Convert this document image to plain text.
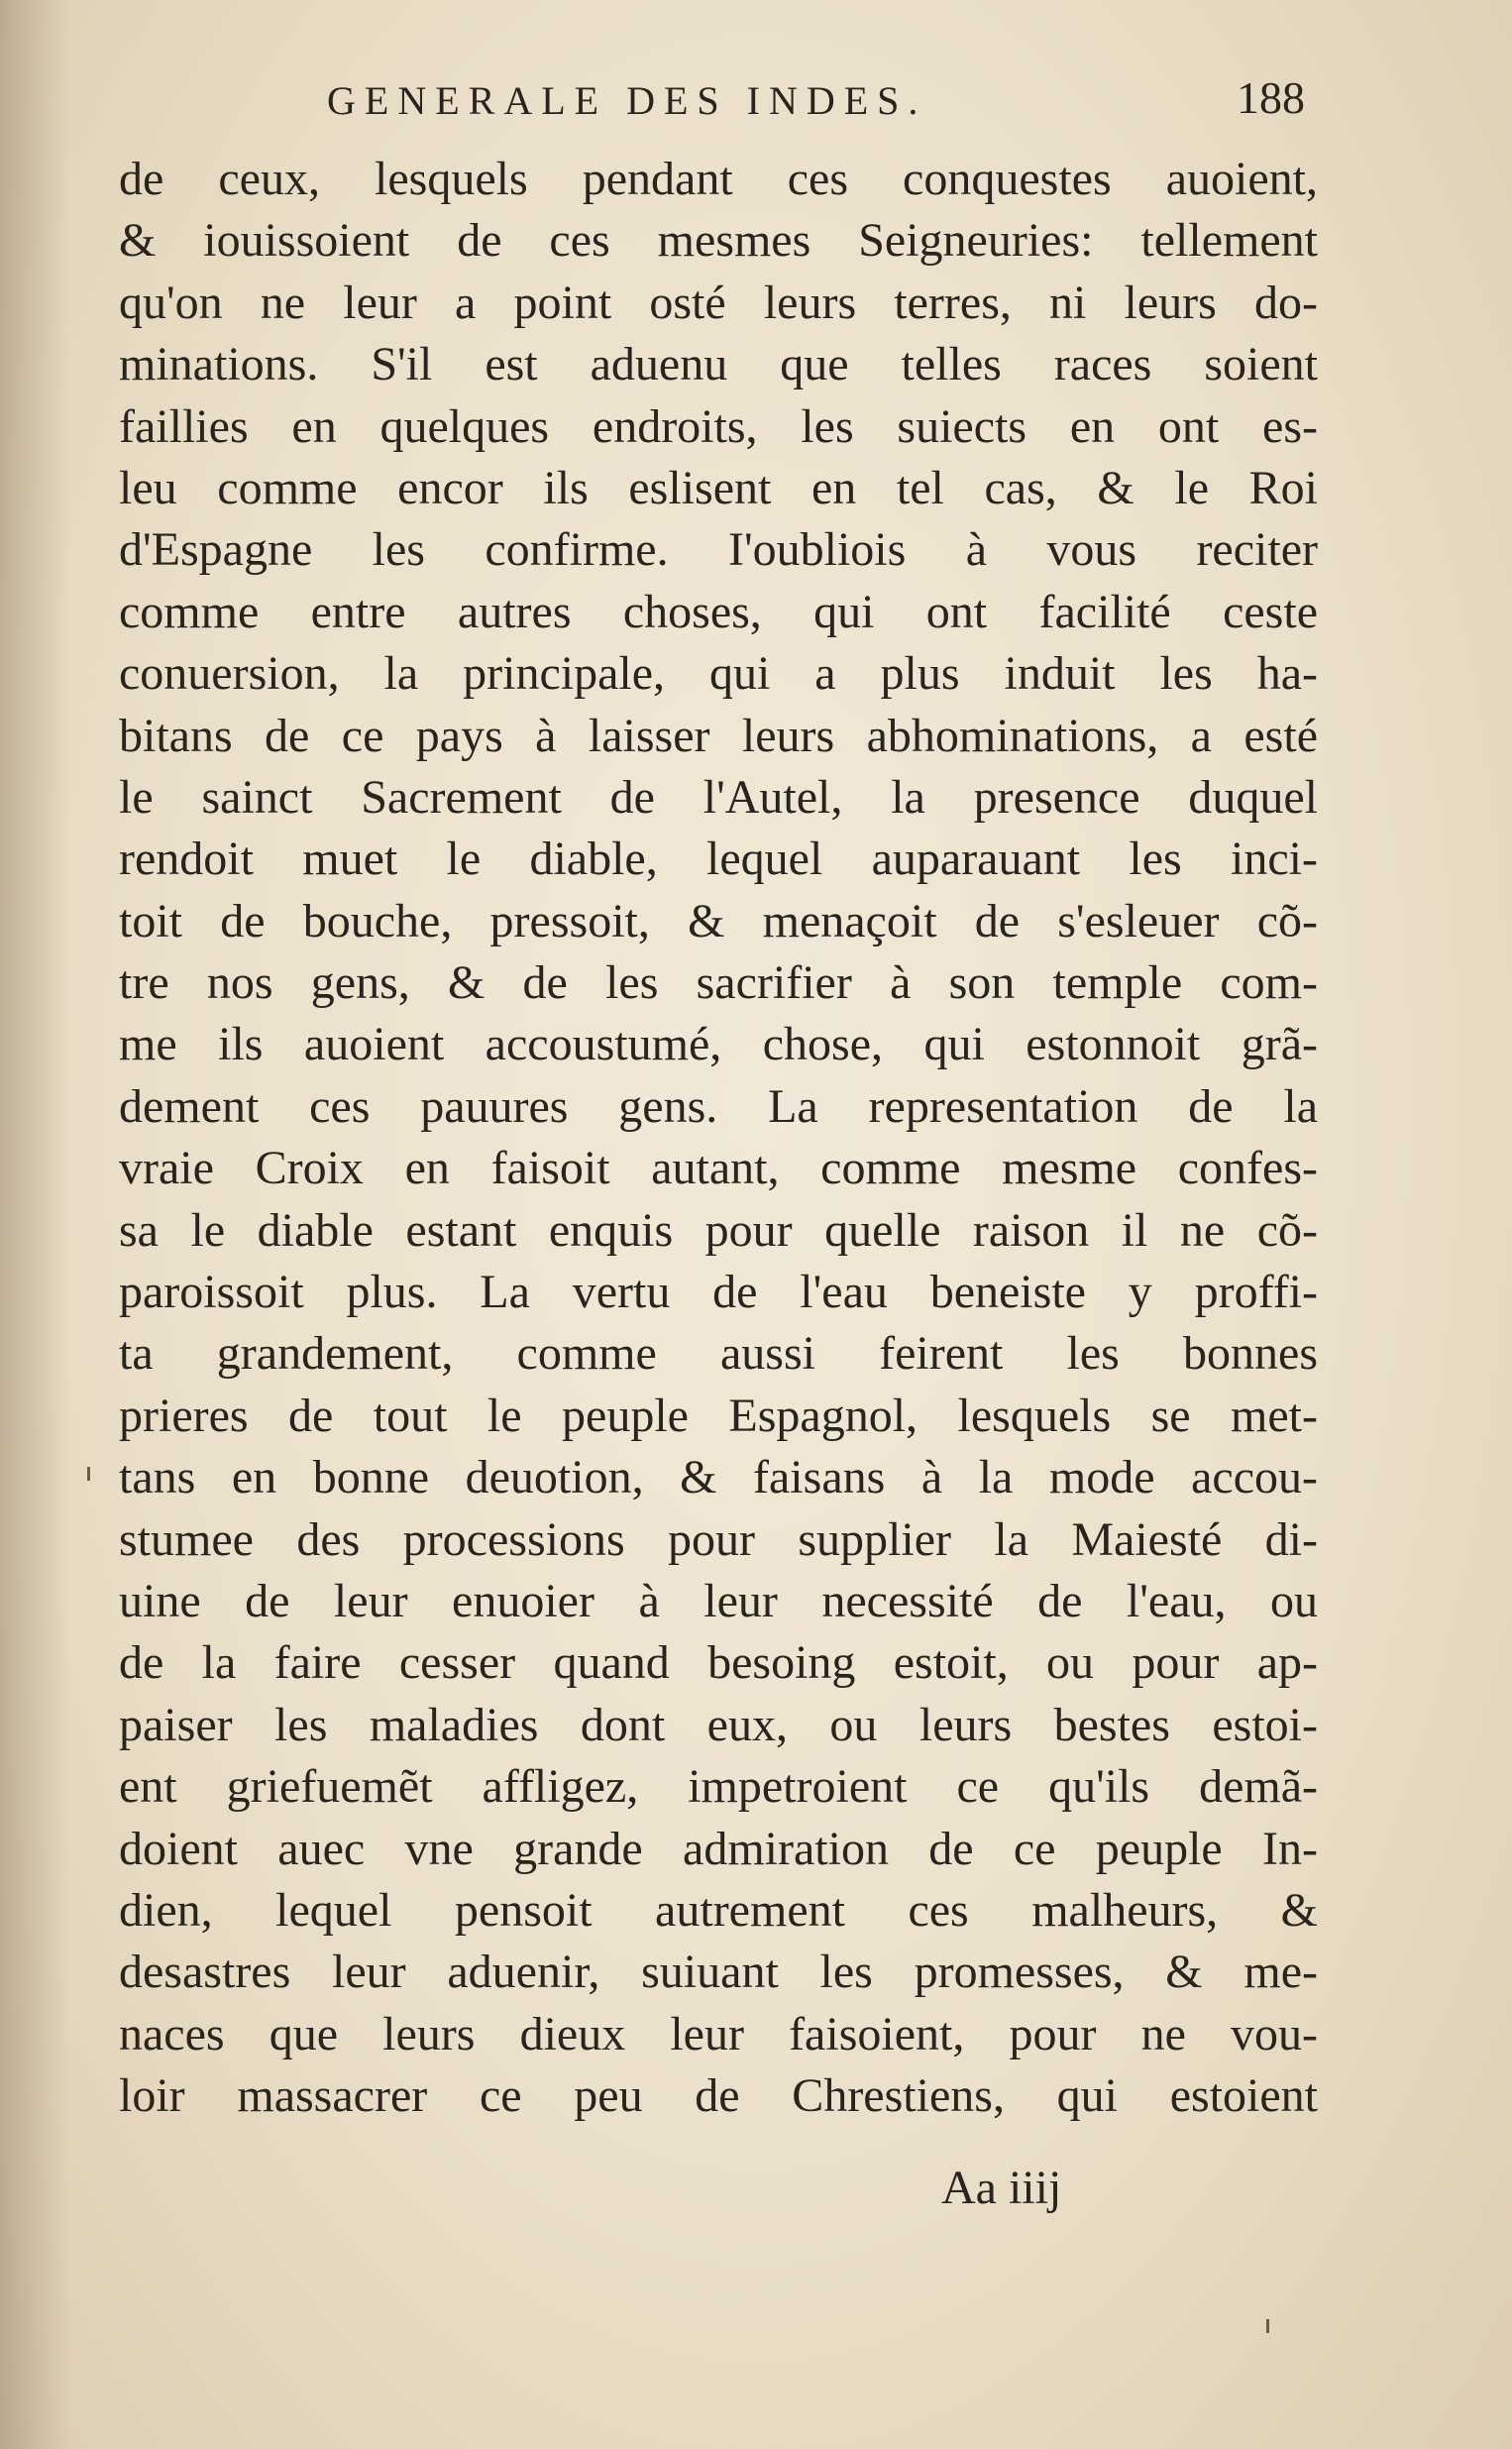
GENERALE DES INDES.	188
de ceux, lesquels pendant ces conquestes auoient,
& iouissoient de ces mesmes Seigneuries: tellement
qu'on ne leur a point osté leurs terres, ni leurs do-
minations. S'il est aduenu que telles races soient
faillies en quelques endroits, les suiects en ont es-
leu comme encor ils eslisent en tel cas, & le Roi
d'Espagne les confirme. I'oubliois à vous reciter
comme entre autres choses, qui ont facilité ceste
conuersion, la principale, qui a plus induit les ha-
bitans de ce pays à laisser leurs abhominations, a esté
le sainct Sacrement de l'Autel, la presence duquel
rendoit muet le diable, lequel auparauant les inci-
toit de bouche, pressoit, & menaçoit de s'esleuer cõ-
tre nos gens, & de les sacrifier à son temple com-
me ils auoient accoustumé, chose, qui estonnoit grã-
dement ces pauures gens. La representation de la
vraie Croix en faisoit autant, comme mesme confes-
sa le diable estant enquis pour quelle raison il ne cõ-
paroissoit plus. La vertu de l'eau beneiste y proffi-
ta grandement, comme aussi feirent les bonnes
prieres de tout le peuple Espagnol, lesquels se met-
tans en bonne deuotion, & faisans à la mode accou-
stumee des processions pour supplier la Maiesté di-
uine de leur enuoier à leur necessité de l'eau, ou
de la faire cesser quand besoing estoit, ou pour ap-
paiser les maladies dont eux, ou leurs bestes estoi-
ent griefuemẽt affligez, impetroient ce qu'ils demã-
doient auec vne grande admiration de ce peuple In-
dien, lequel pensoit autrement ces malheurs, &
desastres leur aduenir, suiuant les promesses, & me-
naces que leurs dieux leur faisoient, pour ne vou-
loir massacrer ce peu de Chrestiens, qui estoient
Aa iiij
